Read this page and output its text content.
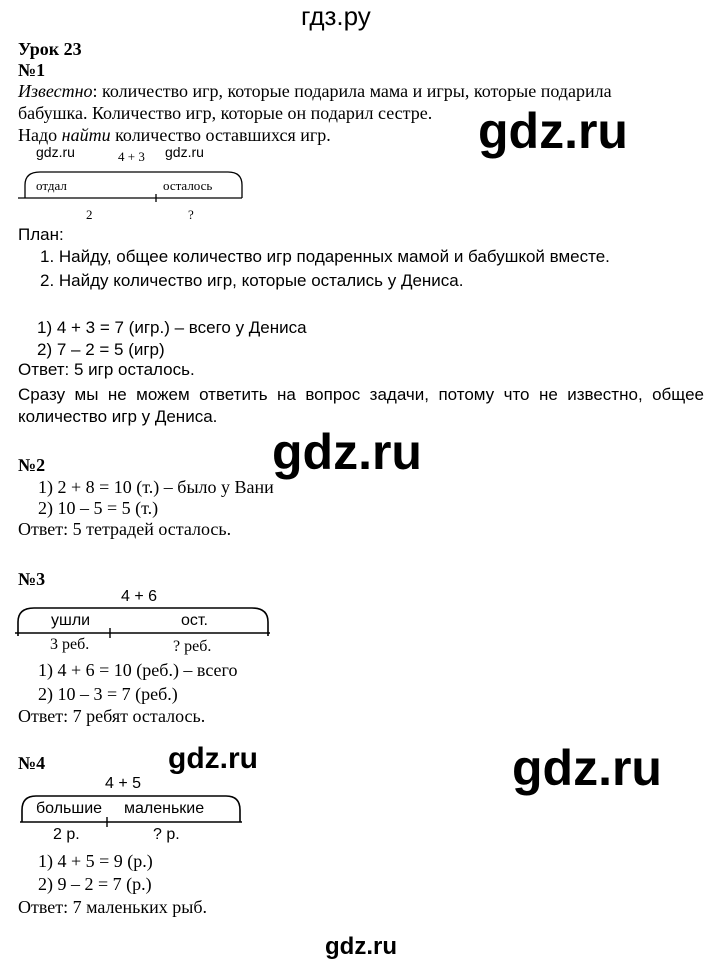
гдз.ру
Урок 23
№1
Известно: количество игр, которые подарила мама и игры, которые подарила
бабушка. Количество игр, которые он подарил сестре.
Надо найти количество оставшихся игр.	gdz.ru
gdz.ru	gdz.ru
4 + 3
отдал	осталось
2	?
План:
1. Найду, общее количество игр подаренных мамой и бабушкой вместе.
2. Найду количество игр, которые остались у Дениса.
1) 4 + 3 = 7 (игр.) – всего у Дениса
2) 7 – 2 = 5 (игр)
Ответ: 5 игр осталось.
Сразу мы не можем ответить на вопрос задачи, потому что не известно, общее
количество игр у Дениса.
gdz.ru
№2
1) 2 + 8 = 10 (т.) – было у Вани
2) 10 – 5 = 5 (т.)
Ответ: 5 тетрадей осталось.
№3
4 + 6
ушли	ост.
3 реб.	? реб.
1) 4 + 6 = 10 (реб.) – всего
2) 10 – 3 = 7 (реб.)
Ответ: 7 ребят осталось.
gdz.ru	gdz.ru
№4
4 + 5
большие маленькие
2 р.	? р.
1) 4 + 5 = 9 (р.)
2) 9 – 2 = 7 (р.)
Ответ: 7 маленьких рыб.
gdz.ru
